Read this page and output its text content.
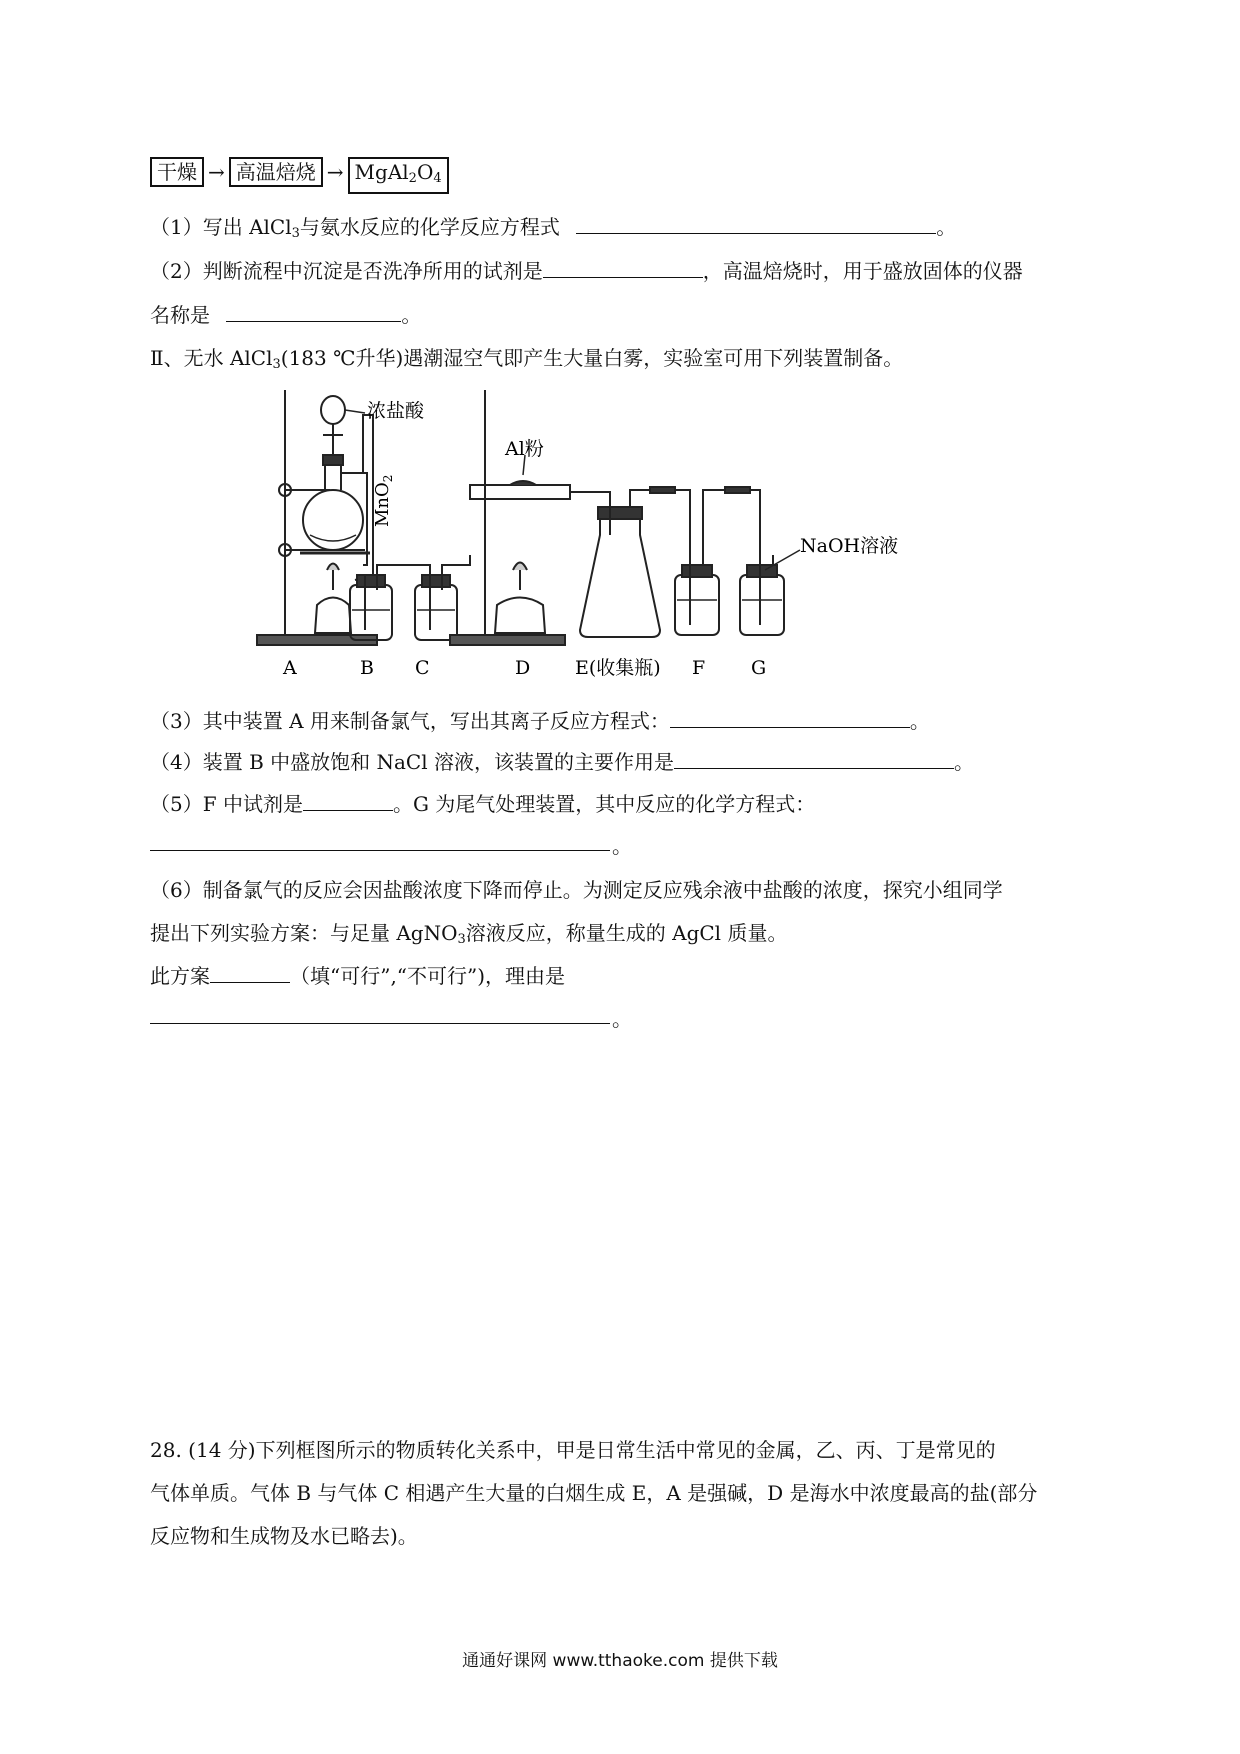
干燥 → 高温焙烧 → $MgAl_2O_4$
（1）写出 AlCl$_3$与氨水反应的化学反应方程式	。
（2）判断流程中沉淀是否洗净所用的试剂是	，高温焙烧时，用于盛放固体的仪器
名称是	。
Ⅱ、无水 AlCl$_3$(183 ℃升华)遇潮湿空气即产生大量白雾，实验室可用下列装置制备。
浓盐酸
MnO$_2$
Al粉
NaOH溶液
A	B C	D E(收集瓶) F G
（3）其中装置 A 用来制备氯气，写出其离子反应方程式：	。
（4）装置 B 中盛放饱和 NaCl 溶液，该装置的主要作用是	。
（5）F 中试剂是	。G 为尾气处理装置，其中反应的化学方程式：
。
（6）制备氯气的反应会因盐酸浓度下降而停止。为测定反应残余液中盐酸的浓度，探究小组同学
提出下列实验方案：与足量 AgNO$_3$溶液反应，称量生成的 AgCl 质量。
此方案	（填“可行”,“不可行”)，理由是
。
28. (14 分)下列框图所示的物质转化关系中，甲是日常生活中常见的金属，乙、丙、丁是常见的
气体单质。气体 B 与气体 C 相遇产生大量的白烟生成 E，A 是强碱，D 是海水中浓度最高的盐(部分
反应物和生成物及水已略去)。
通通好课网 www.tthaoke.com 提供下载
